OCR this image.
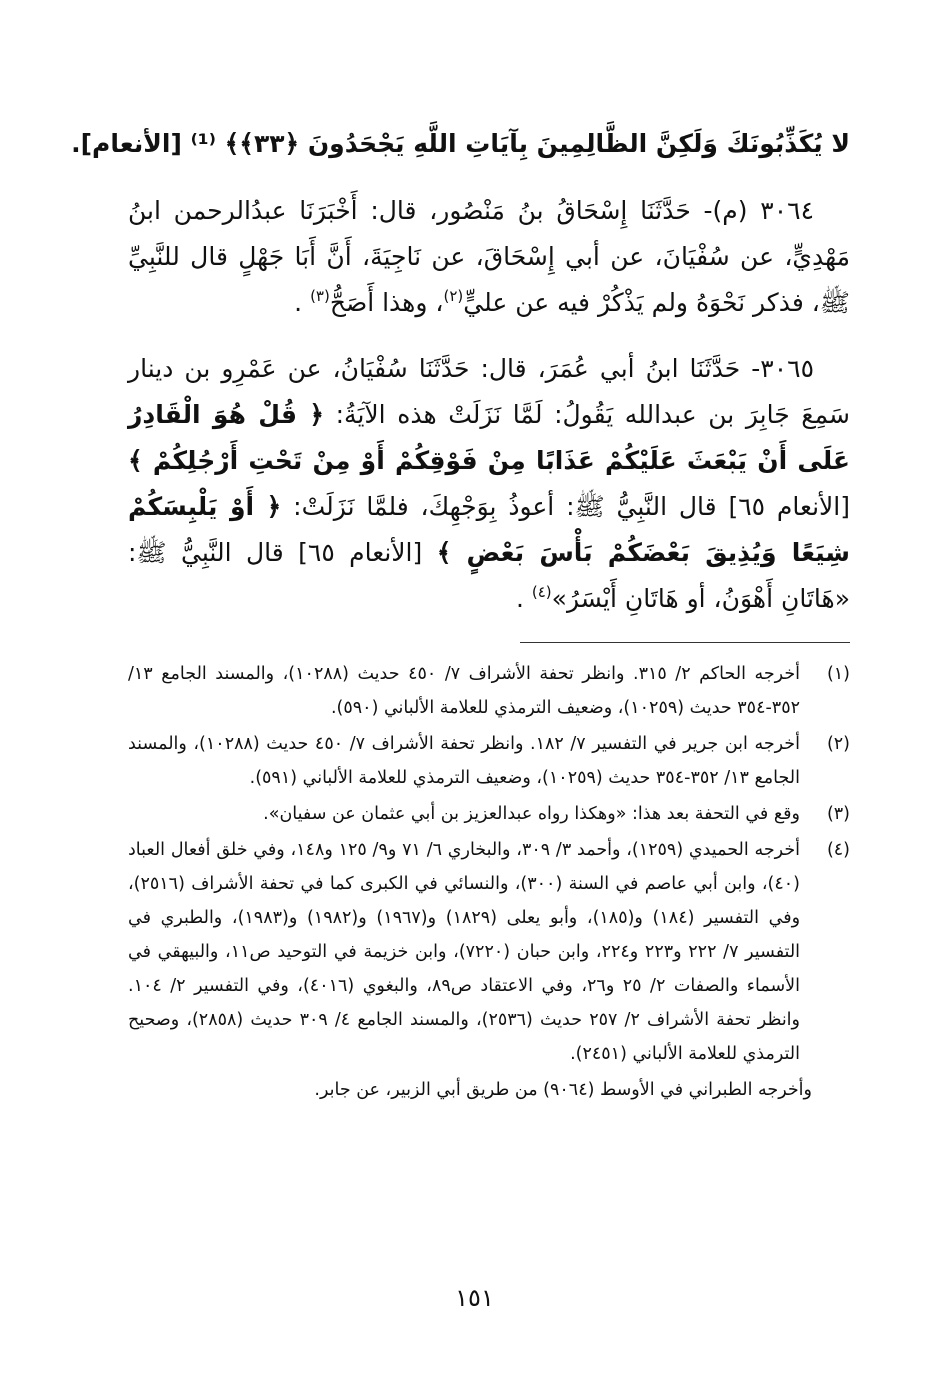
لا يُكَذِّبُونَكَ وَلَكِنَّ الظَّالِمِينَ بِآيَاتِ اللَّهِ يَجْحَدُونَ ﴿٣٣﴾﴾ ⁽¹⁾ [الأنعام].

٣٠٦٤ (م)- حَدَّثَنَا إِسْحَاقُ بنُ مَنْصُور، قال: أَخْبَرَنَا عبدُالرحمن ابنُ مَهْدِيٍّ، عن سُفْيَانَ، عن أبي إِسْحَاقَ، عن نَاجِيَةَ، أَنَّ أَبَا جَهْلٍ قال للنَّبِيِّ ﷺ، فذكر نَحْوَهُ ولم يَذْكُرْ فيه عن عليٍّ$^{(٢)}$، وهذا أَصَحُّ$^{(٣)}$ .

٣٠٦٥- حَدَّثَنَا ابنُ أبي عُمَرَ، قال: حَدَّثَنَا سُفْيَانُ، عن عَمْرِو بن دينار سَمِعَ جَابِرَ بن عبدالله يَقُولُ: لَمَّا نَزَلَتْ هذه الآيَةُ: ﴿ قُلْ هُوَ الْقَادِرُ عَلَى أَنْ يَبْعَثَ عَلَيْكُمْ عَذَابًا مِنْ فَوْقِكُمْ أَوْ مِنْ تَحْتِ أَرْجُلِكُمْ ﴾ [الأنعام ٦٥] قال النَّبِيُّ ﷺ: أعوذُ بِوَجْهِكَ، فلمَّا نَزَلَتْ: ﴿ أَوْ يَلْبِسَكُمْ شِيَعًا وَيُذِيقَ بَعْضَكُمْ بَأْسَ بَعْضٍ ﴾ [الأنعام ٦٥] قال النَّبِيُّ ﷺ: «هَاتَانِ أَهْوَنُ، أو هَاتَانِ أَيْسَرُ»$^{(٤)}$ .

(١)
أخرجه الحاكم ٢/ ٣١٥. وانظر تحفة الأشراف ٧/ ٤٥٠ حديث (١٠٢٨٨)، والمسند الجامع ١٣/ ٣٥٢-٣٥٤ حديث (١٠٢٥٩)، وضعيف الترمذي للعلامة الألباني (٥٩٠).
(٢)
أخرجه ابن جرير في التفسير ٧/ ١٨٢. وانظر تحفة الأشراف ٧/ ٤٥٠ حديث (١٠٢٨٨)، والمسند الجامع ١٣/ ٣٥٢-٣٥٤ حديث (١٠٢٥٩)، وضعيف الترمذي للعلامة الألباني (٥٩١).
(٣)
وقع في التحفة بعد هذا: «وهكذا رواه عبدالعزيز بن أبي عثمان عن سفيان».
(٤)
أخرجه الحميدي (١٢٥٩)، وأحمد ٣/ ٣٠٩، والبخاري ٦/ ٧١ و٩/ ١٢٥ و١٤٨، وفي خلق أفعال العباد (٤٠)، وابن أبي عاصم في السنة (٣٠٠)، والنسائي في الكبرى كما في تحفة الأشراف (٢٥١٦)، وفي التفسير (١٨٤) و(١٨٥)، وأبو يعلى (١٨٢٩) و(١٩٦٧) و(١٩٨٢) و(١٩٨٣)، والطبري في التفسير ٧/ ٢٢٢ و٢٢٣ و٢٢٤، وابن حبان (٧٢٢٠)، وابن خزيمة في التوحيد ص١١، والبيهقي في الأسماء والصفات ٢/ ٢٥ و٢٦، وفي الاعتقاد ص٨٩، والبغوي (٤٠١٦)، وفي التفسير ٢/ ١٠٤. وانظر تحفة الأشراف ٢/ ٢٥٧ حديث (٢٥٣٦)، والمسند الجامع ٤/ ٣٠٩ حديث (٢٨٥٨)، وصحيح الترمذي للعلامة الألباني (٢٤٥١).

وأخرجه الطبراني في الأوسط (٩٠٦٤) من طريق أبي الزبير، عن جابر.

١٥١
